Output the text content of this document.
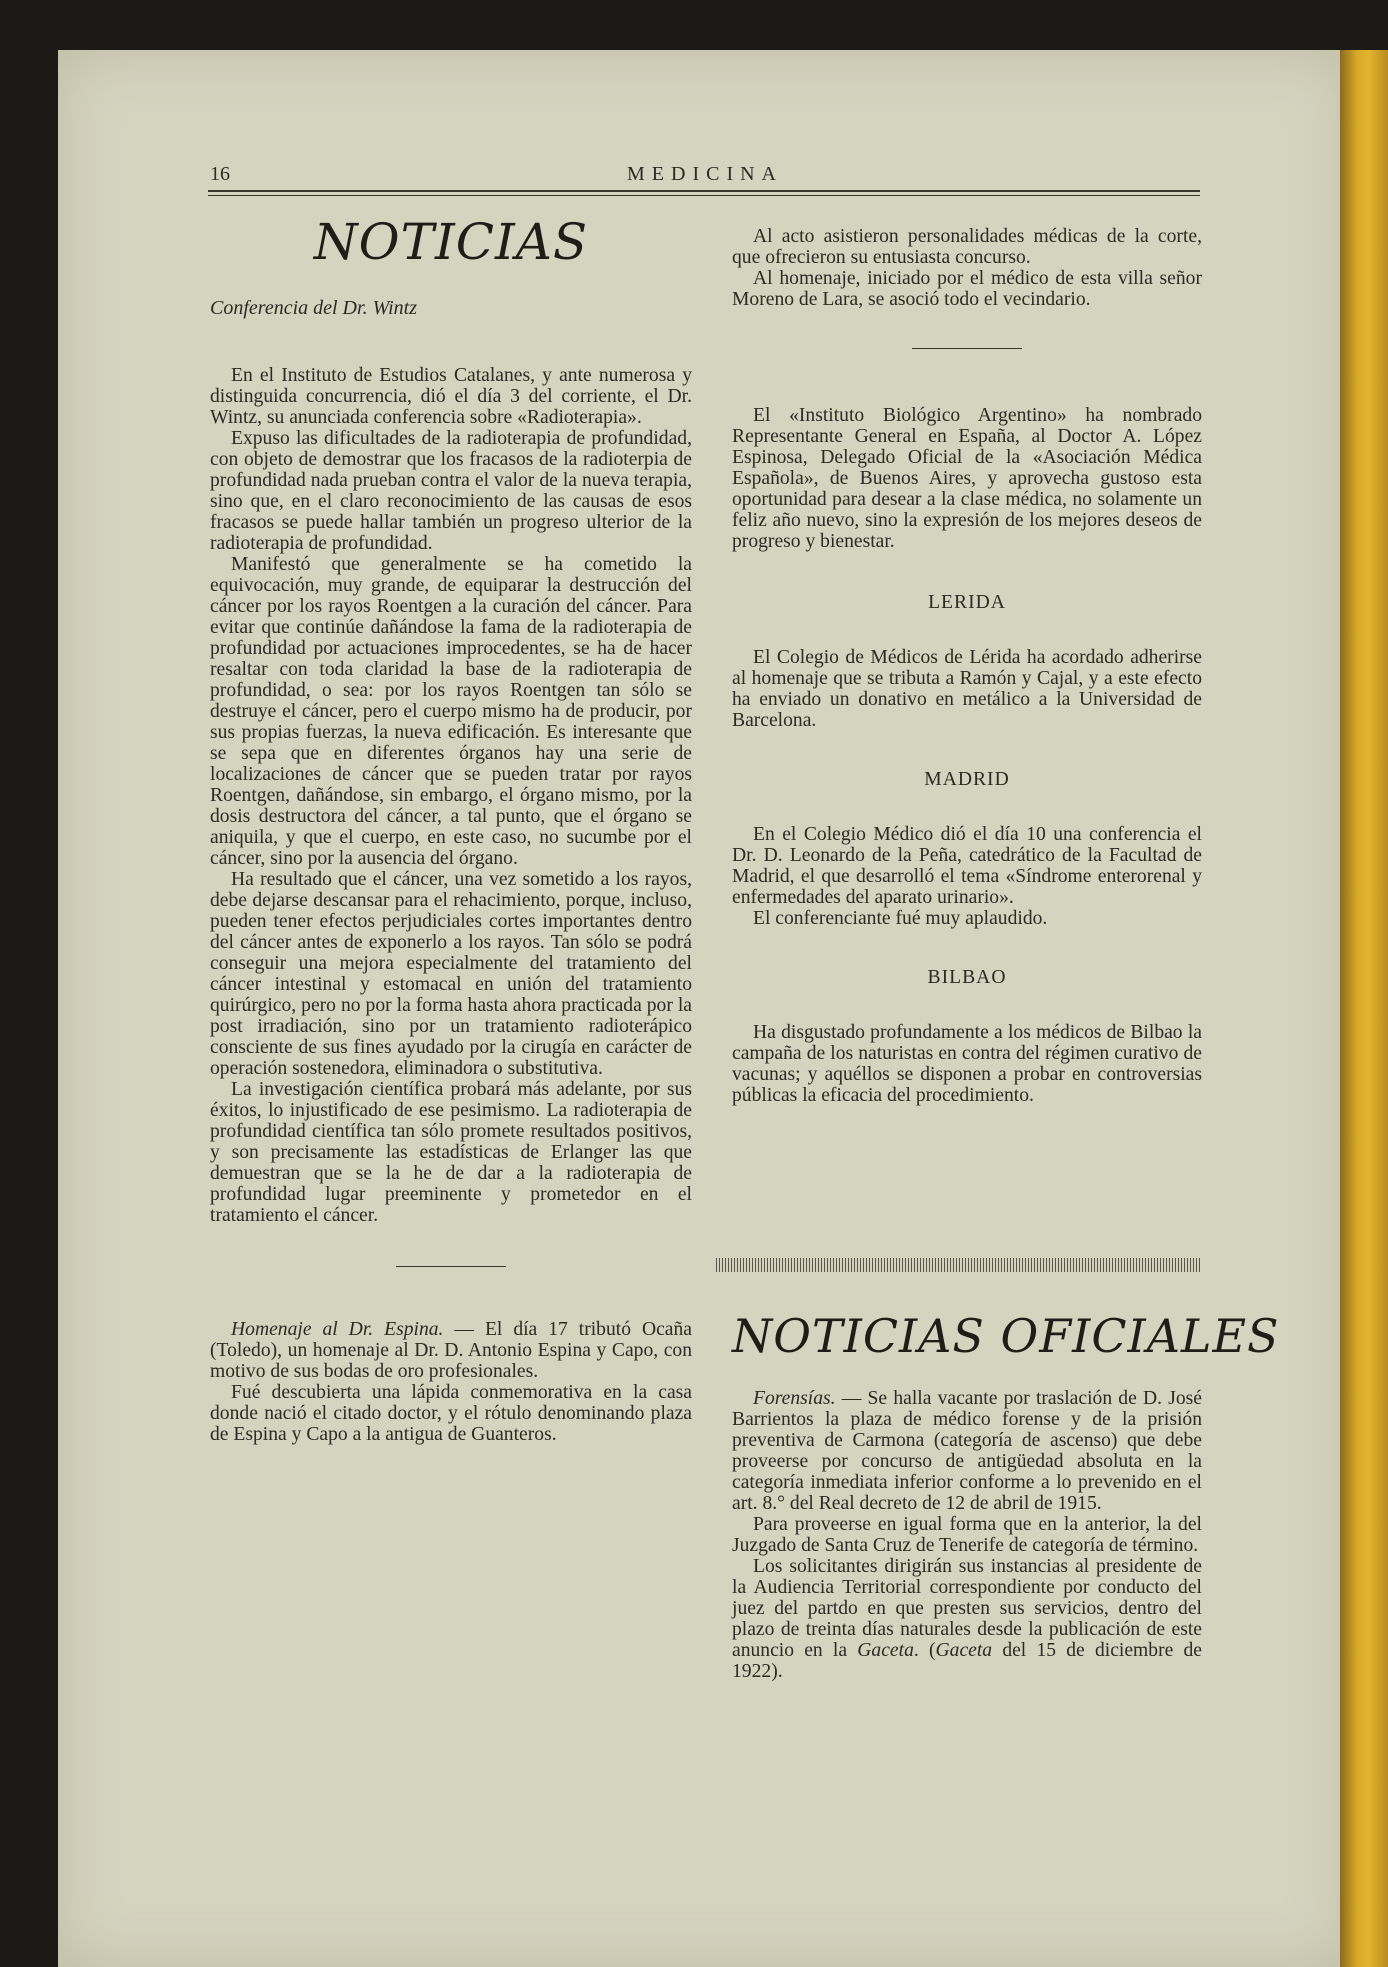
16	MEDICINA
NOTICIAS
Conferencia del Dr. Wintz

En el Instituto de Estudios Catalanes, y ante numerosa y distinguida concurrencia, dió el día 3 del corriente, el Dr. Wintz, su anunciada conferencia sobre «Radioterapia».

Expuso las dificultades de la radioterapia de profundidad, con objeto de demostrar que los fracasos de la radioterpia de profundidad nada prueban contra el valor de la nueva terapia, sino que, en el claro reconocimiento de las causas de esos fracasos se puede hallar también un progreso ulterior de la radioterapia de profundidad.

Manifestó que generalmente se ha cometido la equivocación, muy grande, de equiparar la destrucción del cáncer por los rayos Roentgen a la curación del cáncer. Para evitar que continúe dañándose la fama de la radioterapia de profundidad por actuaciones improcedentes, se ha de hacer resaltar con toda claridad la base de la radioterapia de profundidad, o sea: por los rayos Roentgen tan sólo se destruye el cáncer, pero el cuerpo mismo ha de producir, por sus propias fuerzas, la nueva edificación. Es interesante que se sepa que en diferentes órganos hay una serie de localizaciones de cáncer que se pueden tratar por rayos Roentgen, dañándose, sin embargo, el órgano mismo, por la dosis destructora del cáncer, a tal punto, que el órgano se aniquila, y que el cuerpo, en este caso, no sucumbe por el cáncer, sino por la ausencia del órgano.

Ha resultado que el cáncer, una vez sometido a los rayos, debe dejarse descansar para el rehacimiento, porque, incluso, pueden tener efectos perjudiciales cortes importantes dentro del cáncer antes de exponerlo a los rayos. Tan sólo se podrá conseguir una mejora especialmente del tratamiento del cáncer intestinal y estomacal en unión del tratamiento quirúrgico, pero no por la forma hasta ahora practicada por la post irradiación, sino por un tratamiento radioterápico consciente de sus fines ayudado por la cirugía en carácter de operación sostenedora, eliminadora o substitutiva.

La investigación científica probará más adelante, por sus éxitos, lo injustificado de ese pesimismo. La radioterapia de profundidad científica tan sólo promete resultados positivos, y son precisamente las estadísticas de Erlanger las que demuestran que se la he de dar a la radioterapia de profundidad lugar preeminente y prometedor en el tratamiento el cáncer.

Homenaje al Dr. Espina. — El día 17 tributó Ocaña (Toledo), un homenaje al Dr. D. Antonio Espina y Capo, con motivo de sus bodas de oro profesionales.

Fué descubierta una lápida conmemorativa en la casa donde nació el citado doctor, y el rótulo denominando plaza de Espina y Capo a la antigua de Guanteros.

Al acto asistieron personalidades médicas de la corte, que ofrecieron su entusiasta concurso.

Al homenaje, iniciado por el médico de esta villa señor Moreno de Lara, se asoció todo el vecindario.

El «Instituto Biológico Argentino» ha nombrado Representante General en España, al Doctor A. López Espinosa, Delegado Oficial de la «Asociación Médica Española», de Buenos Aires, y aprovecha gustoso esta oportunidad para desear a la clase médica, no solamente un feliz año nuevo, sino la expresión de los mejores deseos de progreso y bienestar.

LERIDA

El Colegio de Médicos de Lérida ha acordado adherirse al homenaje que se tributa a Ramón y Cajal, y a este efecto ha enviado un donativo en metálico a la Universidad de Barcelona.

MADRID

En el Colegio Médico dió el día 10 una conferencia el Dr. D. Leonardo de la Peña, catedrático de la Facultad de Madrid, el que desarrolló el tema «Síndrome enterorenal y enfermedades del aparato urinario».

El conferenciante fué muy aplaudido.

BILBAO

Ha disgustado profundamente a los médicos de Bilbao la campaña de los naturistas en contra del régimen curativo de vacunas; y aquéllos se disponen a probar en controversias públicas la eficacia del procedimiento.

NOTICIAS OFICIALES

Forensías. — Se halla vacante por traslación de D. José Barrientos la plaza de médico forense y de la prisión preventiva de Carmona (categoría de ascenso) que debe proveerse por concurso de antigüedad absoluta en la categoría inmediata inferior conforme a lo prevenido en el art. 8.° del Real decreto de 12 de abril de 1915.

Para proveerse en igual forma que en la anterior, la del Juzgado de Santa Cruz de Tenerife de categoría de término.

Los solicitantes dirigirán sus instancias al presidente de la Audiencia Territorial correspondiente por conducto del juez del partdo en que presten sus servicios, dentro del plazo de treinta días naturales desde la publicación de este anuncio en la Gaceta. (Gaceta del 15 de diciembre de 1922).
